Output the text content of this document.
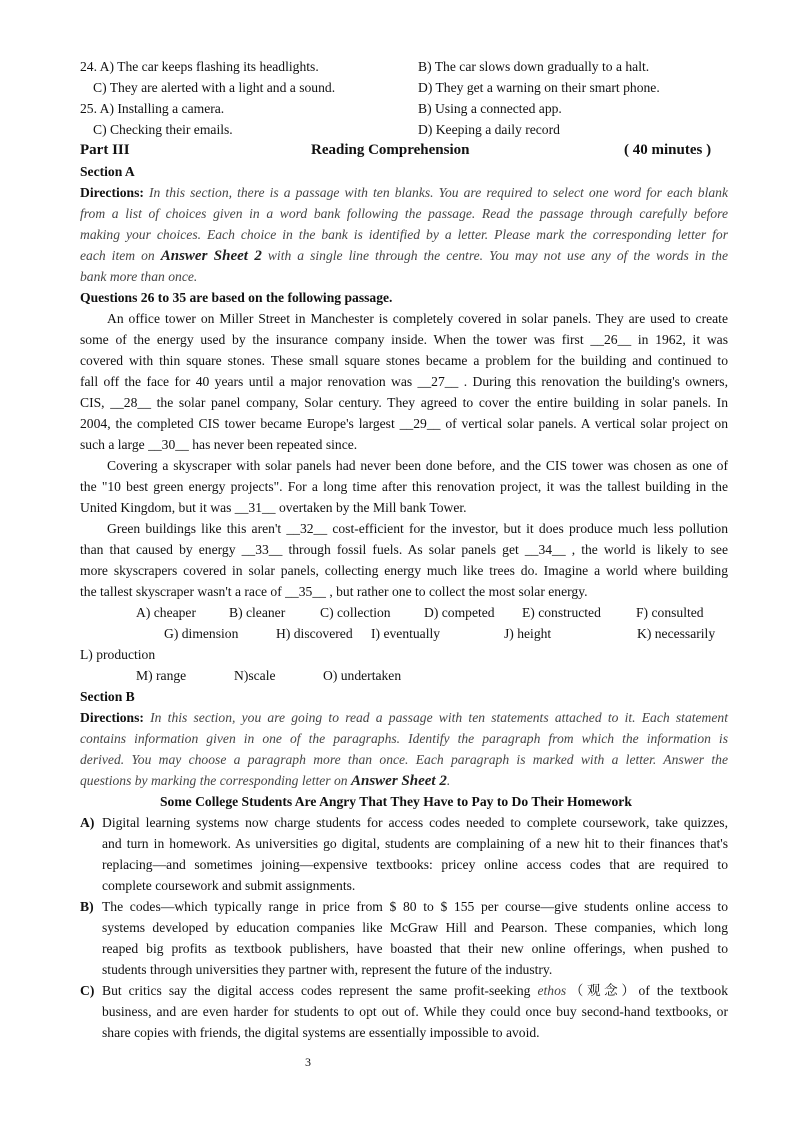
24. A) The car keeps flashing its headlights.	B) The car slows down gradually to a halt.
C) They are alerted with a light and a sound.	D) They get a warning on their smart phone.
25. A) Installing a camera.	B) Using a connected app.
C) Checking their emails.	D) Keeping a daily record
Part III	Reading Comprehension	( 40 minutes )
Section A
Directions: In this section, there is a passage with ten blanks. You are required to select one word for each blank
from a list of choices given in a word bank following the passage. Read the passage through carefully before
making your choices. Each choice in the bank is identified by a letter. Please mark the corresponding letter for
each item on Answer Sheet 2 with a single line through the centre. You may not use any of the words in the
bank more than once.
Questions 26 to 35 are based on the following passage.
An office tower on Miller Street in Manchester is completely covered in solar panels. They are used to create
some of the energy used by the insurance company inside. When the tower was first __26__ in 1962, it was
covered with thin square stones. These small square stones became a problem for the building and continued to
fall off the face for 40 years until a major renovation was __27__ . During this renovation the building's owners,
CIS, __28__ the solar panel company, Solar century. They agreed to cover the entire building in solar panels. In
2004, the completed CIS tower became Europe's largest __29__ of vertical solar panels. A vertical solar project on
such a large __30__ has never been repeated since.
Covering a skyscraper with solar panels had never been done before, and the CIS tower was chosen as one of
the "10 best green energy projects". For a long time after this renovation project, it was the tallest building in the
United Kingdom, but it was __31__ overtaken by the Mill bank Tower.
Green buildings like this aren't __32__ cost-efficient for the investor, but it does produce much less pollution
than that caused by energy __33__ through fossil fuels. As solar panels get __34__ , the world is likely to see
more skyscrapers covered in solar panels, collecting energy much like trees do. Imagine a world where building
the tallest skyscraper wasn't a race of __35__ , but rather one to collect the most solar energy.
A) cheaper B) cleaner	C) collection D) competed E) constructed	F) consulted
G) dimension	H) discovered I) eventually	J) height	K) necessarily
L) production
M) range	N)scale	O) undertaken
Section B
Directions: In this section, you are going to read a passage with ten statements attached to it. Each statement
contains information given in one of the paragraphs. Identify the paragraph from which the information is
derived. You may choose a paragraph more than once. Each paragraph is marked with a letter. Answer the
questions by marking the corresponding letter on Answer Sheet 2.
Some College Students Are Angry That They Have to Pay to Do Their Homework
A) Digital learning systems now charge students for access codes needed to complete coursework, take quizzes,
and turn in homework. As universities go digital, students are complaining of a new hit to their finances that's
replacing—and sometimes joining—expensive textbooks: pricey online access codes that are required to
complete coursework and submit assignments.
B) The codes—which typically range in price from $ 80 to $ 155 per course—give students online access to
systems developed by education companies like McGraw Hill and Pearson. These companies, which long
reaped big profits as textbook publishers, have boasted that their new online offerings, when pushed to
students through universities they partner with, represent the future of the industry.
C) But critics say the digital access codes represent the same profit-seeking ethos（观念）of the textbook
business, and are even harder for students to opt out of. While they could once buy second-hand textbooks, or
share copies with friends, the digital systems are essentially impossible to avoid.
3
